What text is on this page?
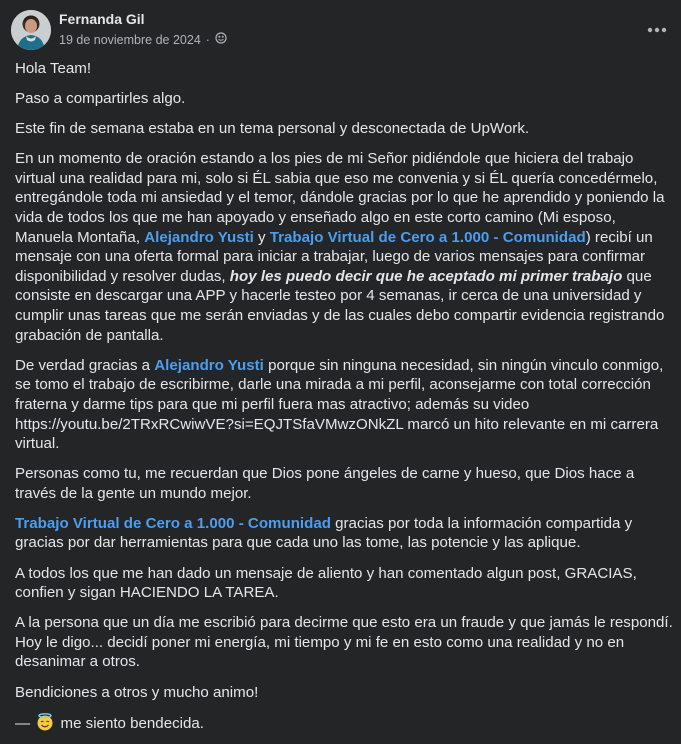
Fernanda Gil
19 de noviembre de 2024 ·

Hola Team!

Paso a compartirles algo.

Este fin de semana estaba en un tema personal y desconectada de UpWork.

En un momento de oración estando a los pies de mi Señor pidiéndole que hiciera del trabajo virtual una realidad para mi, solo si ÉL sabia que eso me convenia y si ÉL quería concedérmelo, entregándole toda mi ansiedad y el temor, dándole gracias por lo que he aprendido y poniendo la vida de todos los que me han apoyado y enseñado algo en este corto camino (Mi esposo, Manuela Montaña, Alejandro Yusti y Trabajo Virtual de Cero a 1.000 - Comunidad) recibí un mensaje con una oferta formal para iniciar a trabajar, luego de varios mensajes para confirmar disponibilidad y resolver dudas, hoy les puedo decir que he aceptado mi primer trabajo que consiste en descargar una APP y hacerle testeo por 4 semanas, ir cerca de una universidad y cumplir unas tareas que me serán enviadas y de las cuales debo compartir evidencia registrando grabación de pantalla.

De verdad gracias a Alejandro Yusti porque sin ninguna necesidad, sin ningún vinculo conmigo, se tomo el trabajo de escribirme, darle una mirada a mi perfil, aconsejarme con total corrección fraterna y darme tips para que mi perfil fuera mas atractivo; además su video https://youtu.be/2TRxRCwiwVE?si=EQJTSfaVMwzONkZL marcó un hito relevante en mi carrera virtual.

Personas como tu, me recuerdan que Dios pone ángeles de carne y hueso, que Dios hace a través de la gente un mundo mejor.

Trabajo Virtual de Cero a 1.000 - Comunidad gracias por toda la información compartida y gracias por dar herramientas para que cada uno las tome, las potencie y las aplique.

A todos los que me han dado un mensaje de aliento y han comentado algun post, GRACIAS, confien y sigan HACIENDO LA TAREA.

A la persona que un día me escribió para decirme que esto era un fraude y que jamás le respondí. Hoy le digo... decidí poner mi energía, mi tiempo y mi fe en esto como una realidad y no en desanimar a otros.

Bendiciones a otros y mucho animo!

—  me siento bendecida.
